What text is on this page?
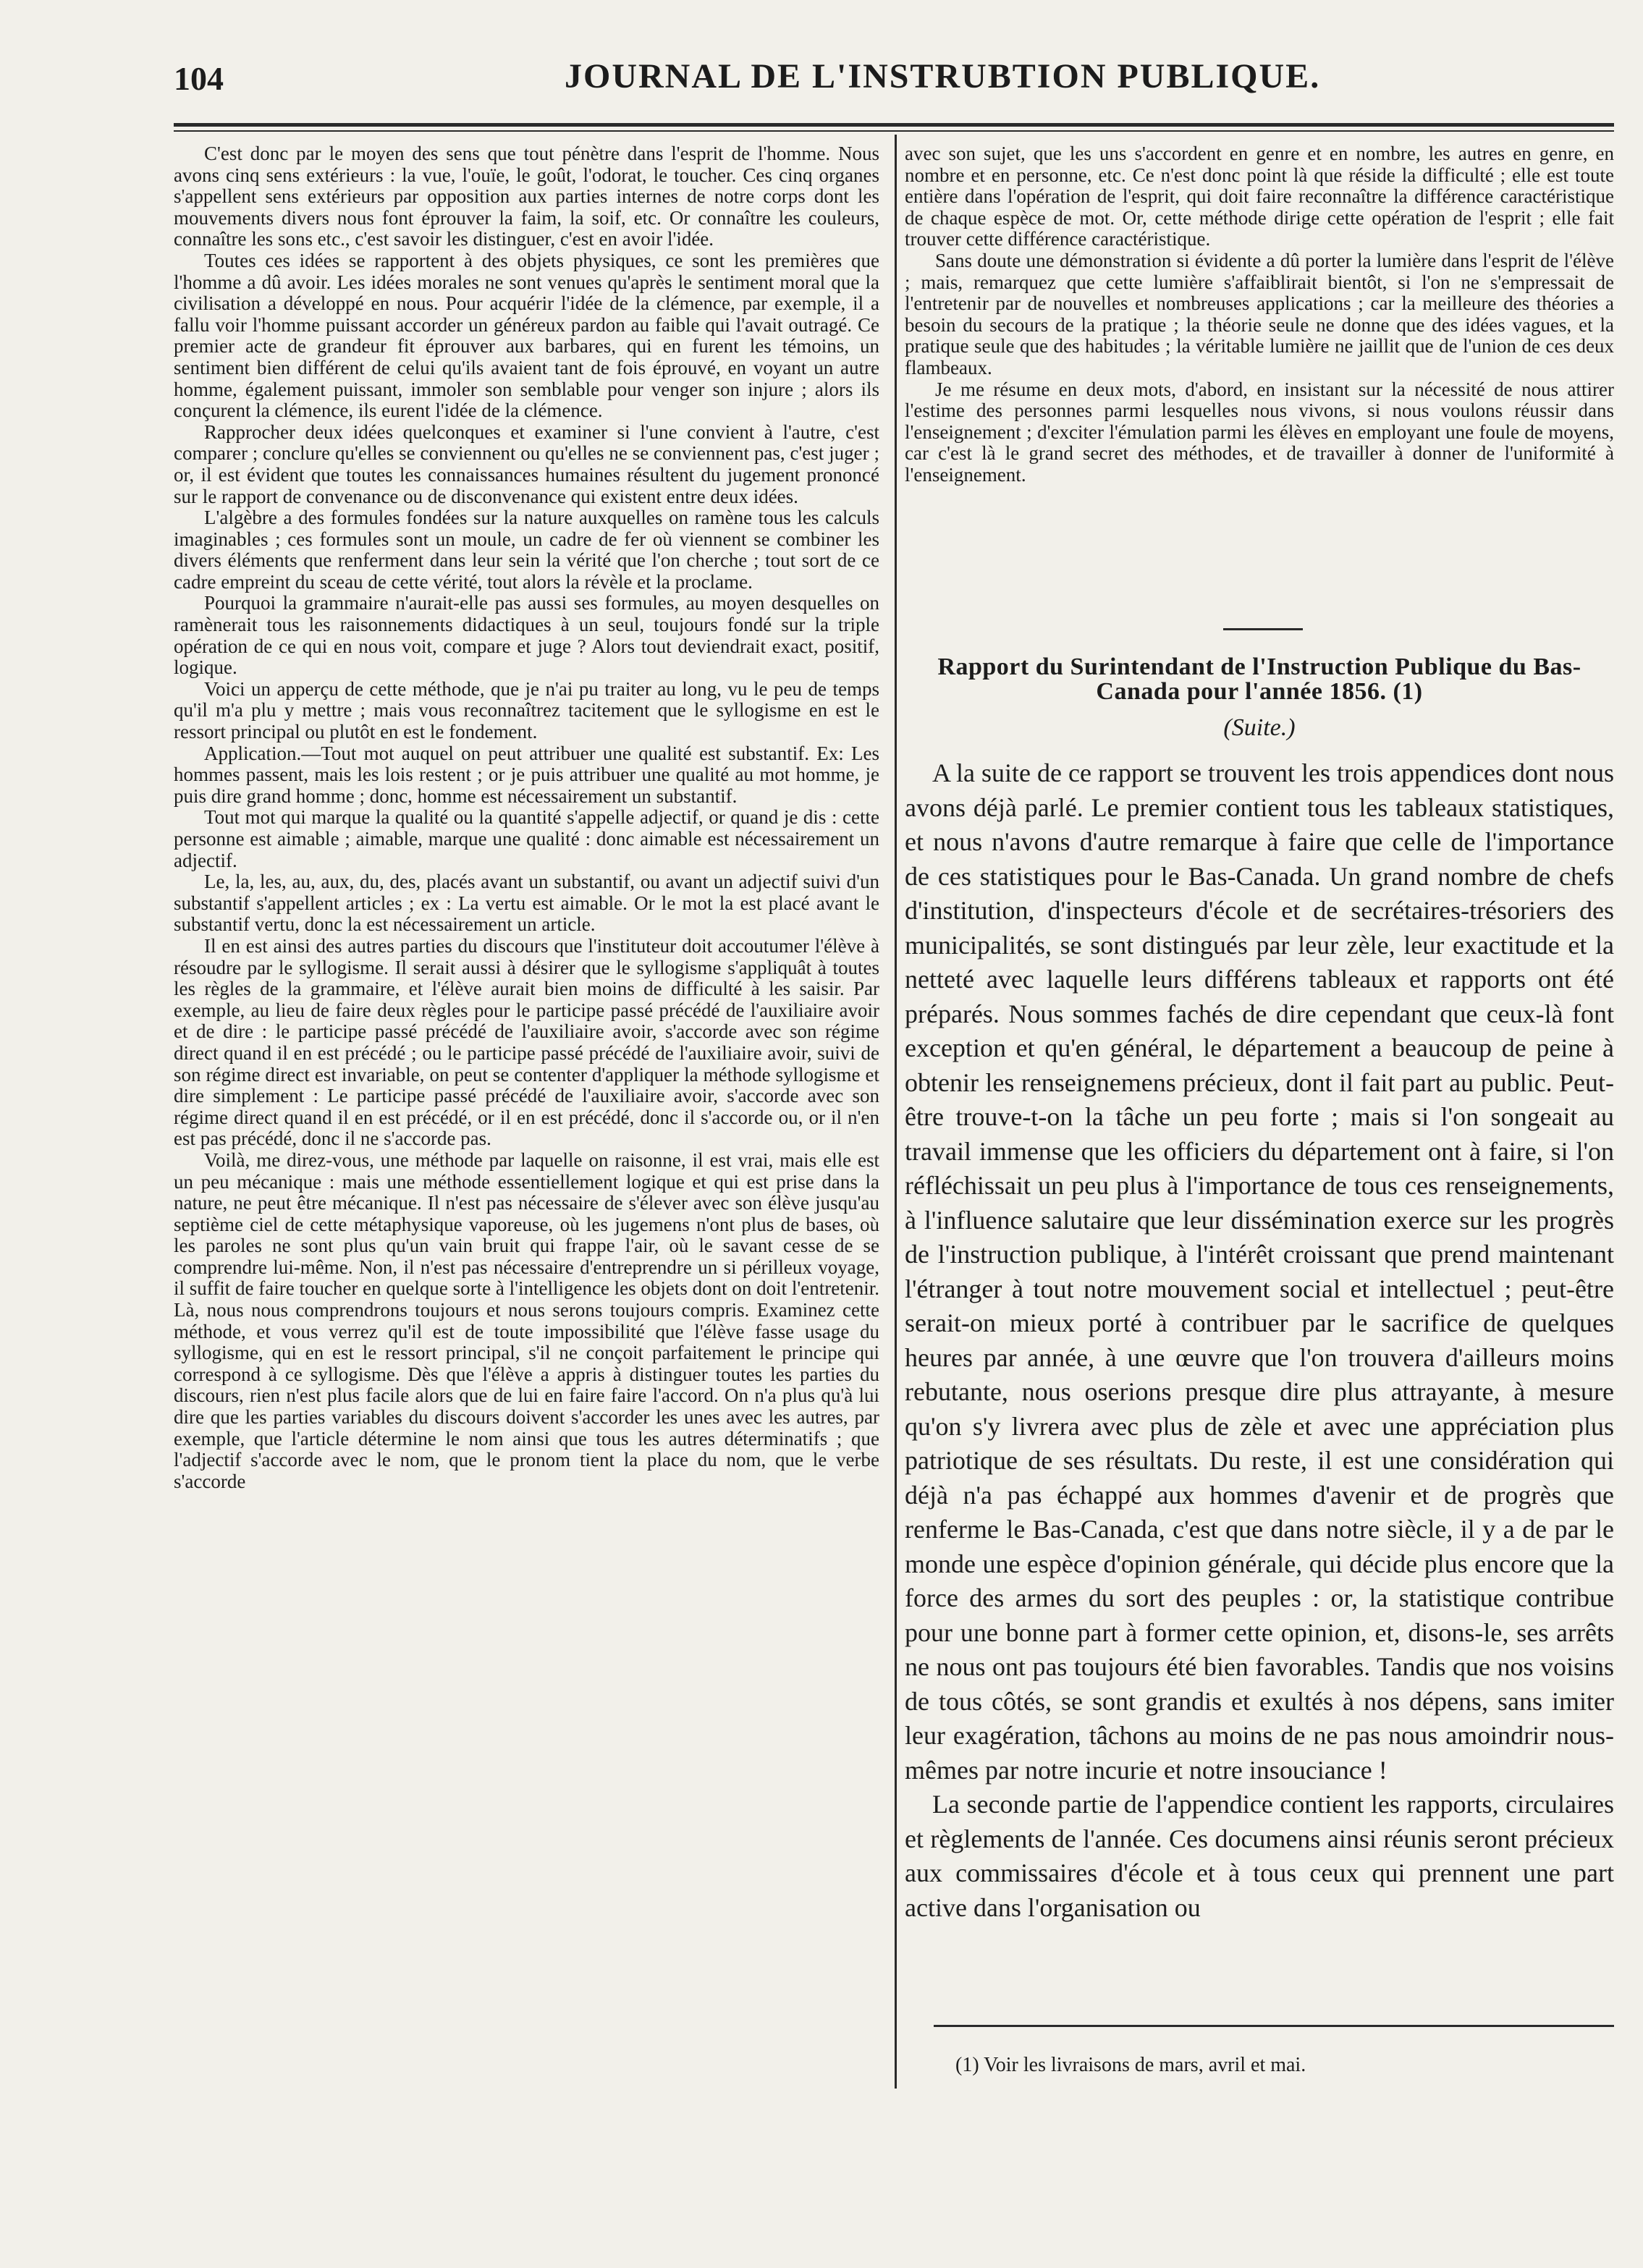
104	JOURNAL DE L'INSTRUBTION PUBLIQUE.

C'est donc par le moyen des sens que tout pénètre dans l'esprit de l'homme. Nous avons cinq sens extérieurs : la vue, l'ouïe, le goût, l'odorat, le toucher. Ces cinq organes s'appellent sens extérieurs par opposition aux parties internes de notre corps dont les mouvements divers nous font éprouver la faim, la soif, etc. Or connaître les couleurs, connaître les sons etc., c'est savoir les distinguer, c'est en avoir l'idée.

Toutes ces idées se rapportent à des objets physiques, ce sont les premières que l'homme a dû avoir. Les idées morales ne sont venues qu'après le sentiment moral que la civilisation a développé en nous. Pour acquérir l'idée de la clémence, par exemple, il a fallu voir l'homme puissant accorder un généreux pardon au faible qui l'avait outragé. Ce premier acte de grandeur fit éprouver aux barbares, qui en furent les témoins, un sentiment bien différent de celui qu'ils avaient tant de fois éprouvé, en voyant un autre homme, également puissant, immoler son semblable pour venger son injure ; alors ils conçurent la clémence, ils eurent l'idée de la clémence.

Rapprocher deux idées quelconques et examiner si l'une convient à l'autre, c'est comparer ; conclure qu'elles se conviennent ou qu'elles ne se conviennent pas, c'est juger ; or, il est évident que toutes les connaissances humaines résultent du jugement prononcé sur le rapport de convenance ou de disconvenance qui existent entre deux idées.

L'algèbre a des formules fondées sur la nature auxquelles on ramène tous les calculs imaginables ; ces formules sont un moule, un cadre de fer où viennent se combiner les divers éléments que renferment dans leur sein la vérité que l'on cherche ; tout sort de ce cadre empreint du sceau de cette vérité, tout alors la révèle et la proclame.

Pourquoi la grammaire n'aurait-elle pas aussi ses formules, au moyen desquelles on ramènerait tous les raisonnements didactiques à un seul, toujours fondé sur la triple opération de ce qui en nous voit, compare et juge ? Alors tout deviendrait exact, positif, logique.

Voici un apperçu de cette méthode, que je n'ai pu traiter au long, vu le peu de temps qu'il m'a plu y mettre ; mais vous reconnaîtrez tacitement que le syllogisme en est le ressort principal ou plutôt en est le fondement.

Application.—Tout mot auquel on peut attribuer une qualité est substantif. Ex: Les hommes passent, mais les lois restent ; or je puis attribuer une qualité au mot homme, je puis dire grand homme ; donc, homme est nécessairement un substantif.

Tout mot qui marque la qualité ou la quantité s'appelle adjectif, or quand je dis : cette personne est aimable ; aimable, marque une qualité : donc aimable est nécessairement un adjectif.

Le, la, les, au, aux, du, des, placés avant un substantif, ou avant un adjectif suivi d'un substantif s'appellent articles ; ex : La vertu est aimable. Or le mot la est placé avant le substantif vertu, donc la est nécessairement un article.

Il en est ainsi des autres parties du discours que l'instituteur doit accoutumer l'élève à résoudre par le syllogisme. Il serait aussi à désirer que le syllogisme s'appliquât à toutes les règles de la grammaire, et l'élève aurait bien moins de difficulté à les saisir. Par exemple, au lieu de faire deux règles pour le participe passé précédé de l'auxiliaire avoir et de dire : le participe passé précédé de l'auxiliaire avoir, s'accorde avec son régime direct quand il en est précédé ; ou le participe passé précédé de l'auxiliaire avoir, suivi de son régime direct est invariable, on peut se contenter d'appliquer la méthode syllogisme et dire simplement : Le participe passé précédé de l'auxiliaire avoir, s'accorde avec son régime direct quand il en est précédé, or il en est précédé, donc il s'accorde ou, or il n'en est pas précédé, donc il ne s'accorde pas.

Voilà, me direz-vous, une méthode par laquelle on raisonne, il est vrai, mais elle est un peu mécanique : mais une méthode essentiellement logique et qui est prise dans la nature, ne peut être mécanique. Il n'est pas nécessaire de s'élever avec son élève jusqu'au septième ciel de cette métaphysique vaporeuse, où les jugemens n'ont plus de bases, où les paroles ne sont plus qu'un vain bruit qui frappe l'air, où le savant cesse de se comprendre lui-même. Non, il n'est pas nécessaire d'entreprendre un si périlleux voyage, il suffit de faire toucher en quelque sorte à l'intelligence les objets dont on doit l'entretenir. Là, nous nous comprendrons toujours et nous serons toujours compris. Examinez cette méthode, et vous verrez qu'il est de toute impossibilité que l'élève fasse usage du syllogisme, qui en est le ressort principal, s'il ne conçoit parfaitement le principe qui correspond à ce syllogisme. Dès que l'élève a appris à distinguer toutes les parties du discours, rien n'est plus facile alors que de lui en faire faire l'accord. On n'a plus qu'à lui dire que les parties variables du discours doivent s'accorder les unes avec les autres, par exemple, que l'article détermine le nom ainsi que tous les autres déterminatifs ; que l'adjectif s'accorde avec le nom, que le pronom tient la place du nom, que le verbe s'accorde

avec son sujet, que les uns s'accordent en genre et en nombre, les autres en genre, en nombre et en personne, etc. Ce n'est donc point là que réside la difficulté ; elle est toute entière dans l'opération de l'esprit, qui doit faire reconnaître la différence caractéristique de chaque espèce de mot. Or, cette méthode dirige cette opération de l'esprit ; elle fait trouver cette différence caractéristique.

Sans doute une démonstration si évidente a dû porter la lumière dans l'esprit de l'élève ; mais, remarquez que cette lumière s'affaiblirait bientôt, si l'on ne s'empressait de l'entretenir par de nouvelles et nombreuses applications ; car la meilleure des théories a besoin du secours de la pratique ; la théorie seule ne donne que des idées vagues, et la pratique seule que des habitudes ; la véritable lumière ne jaillit que de l'union de ces deux flambeaux.

Je me résume en deux mots, d'abord, en insistant sur la nécessité de nous attirer l'estime des personnes parmi lesquelles nous vivons, si nous voulons réussir dans l'enseignement ; d'exciter l'émulation parmi les élèves en employant une foule de moyens, car c'est là le grand secret des méthodes, et de travailler à donner de l'uniformité à l'enseignement.

Rapport du Surintendant de l'Instruction Publique du Bas-Canada pour l'année 1856. (1)

(Suite.)

A la suite de ce rapport se trouvent les trois appendices dont nous avons déjà parlé. Le premier contient tous les tableaux statistiques, et nous n'avons d'autre remarque à faire que celle de l'importance de ces statistiques pour le Bas-Canada. Un grand nombre de chefs d'institution, d'inspecteurs d'école et de secrétaires-trésoriers des municipalités, se sont distingués par leur zèle, leur exactitude et la netteté avec laquelle leurs différens tableaux et rapports ont été préparés. Nous sommes fachés de dire cependant que ceux-là font exception et qu'en général, le département a beaucoup de peine à obtenir les renseignemens précieux, dont il fait part au public. Peut-être trouve-t-on la tâche un peu forte ; mais si l'on songeait au travail immense que les officiers du département ont à faire, si l'on réfléchissait un peu plus à l'importance de tous ces renseignements, à l'influence salutaire que leur dissémination exerce sur les progrès de l'instruction publique, à l'intérêt croissant que prend maintenant l'étranger à tout notre mouvement social et intellectuel ; peut-être serait-on mieux porté à contribuer par le sacrifice de quelques heures par année, à une œuvre que l'on trouvera d'ailleurs moins rebutante, nous oserions presque dire plus attrayante, à mesure qu'on s'y livrera avec plus de zèle et avec une appréciation plus patriotique de ses résultats. Du reste, il est une considération qui déjà n'a pas échappé aux hommes d'avenir et de progrès que renferme le Bas-Canada, c'est que dans notre siècle, il y a de par le monde une espèce d'opinion générale, qui décide plus encore que la force des armes du sort des peuples : or, la statistique contribue pour une bonne part à former cette opinion, et, disons-le, ses arrêts ne nous ont pas toujours été bien favorables. Tandis que nos voisins de tous côtés, se sont grandis et exultés à nos dépens, sans imiter leur exagération, tâchons au moins de ne pas nous amoindrir nous-mêmes par notre incurie et notre insouciance !

La seconde partie de l'appendice contient les rapports, circulaires et règlements de l'année. Ces documens ainsi réunis seront précieux aux commissaires d'école et à tous ceux qui prennent une part active dans l'organisation ou

(1) Voir les livraisons de mars, avril et mai.
